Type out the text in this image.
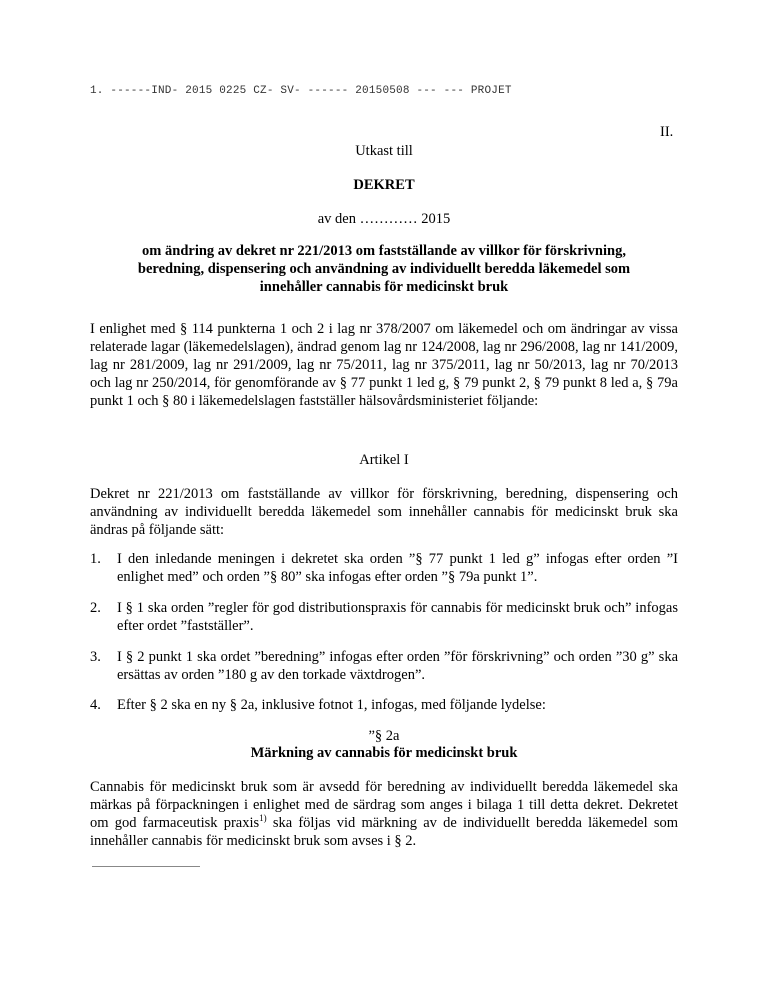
1. ------IND- 2015 0225 CZ- SV- ------ 20150508 --- --- PROJET
II.
Utkast till
DEKRET
av den ………… 2015
om ändring av dekret nr 221/2013 om fastställande av villkor för förskrivning,
beredning, dispensering och användning av individuellt beredda läkemedel som
innehåller cannabis för medicinskt bruk
I enlighet med § 114 punkterna 1 och 2 i lag nr 378/2007 om läkemedel och om ändringar av vissa relaterade lagar (läkemedelslagen), ändrad genom lag nr 124/2008, lag nr 296/2008, lag nr 141/2009, lag nr 281/2009, lag nr 291/2009, lag nr 75/2011, lag nr 375/2011, lag nr 50/2013, lag nr 70/2013 och lag nr 250/2014, för genomförande av § 77 punkt 1 led g, § 79 punkt 2, § 79 punkt 8 led a, § 79a punkt 1 och § 80 i läkemedelslagen fastställer hälsovårdsministeriet följande:
Artikel I
Dekret nr 221/2013 om fastställande av villkor för förskrivning, beredning, dispensering och användning av individuellt beredda läkemedel som innehåller cannabis för medicinskt bruk ska ändras på följande sätt:
1.	I den inledande meningen i dekretet ska orden ”§ 77 punkt 1 led g” infogas efter orden ”I enlighet med” och orden ”§ 80” ska infogas efter orden ”§ 79a punkt 1”.
2.	I § 1 ska orden ”regler för god distributionspraxis för cannabis för medicinskt bruk och” infogas efter ordet ”fastställer”.
3.	I § 2 punkt 1 ska ordet ”beredning” infogas efter orden ”för förskrivning” och orden ”30 g” ska ersättas av orden ”180 g av den torkade växtdrogen”.
4.	Efter § 2 ska en ny § 2a, inklusive fotnot 1, infogas, med följande lydelse:
”§ 2a
Märkning av cannabis för medicinskt bruk
Cannabis för medicinskt bruk som är avsedd för beredning av individuellt beredda läkemedel ska märkas på förpackningen i enlighet med de särdrag som anges i bilaga 1 till detta dekret. Dekretet om god farmaceutisk praxis$^{1)}$ ska följas vid märkning av de individuellt beredda läkemedel som innehåller cannabis för medicinskt bruk som avses i § 2.
